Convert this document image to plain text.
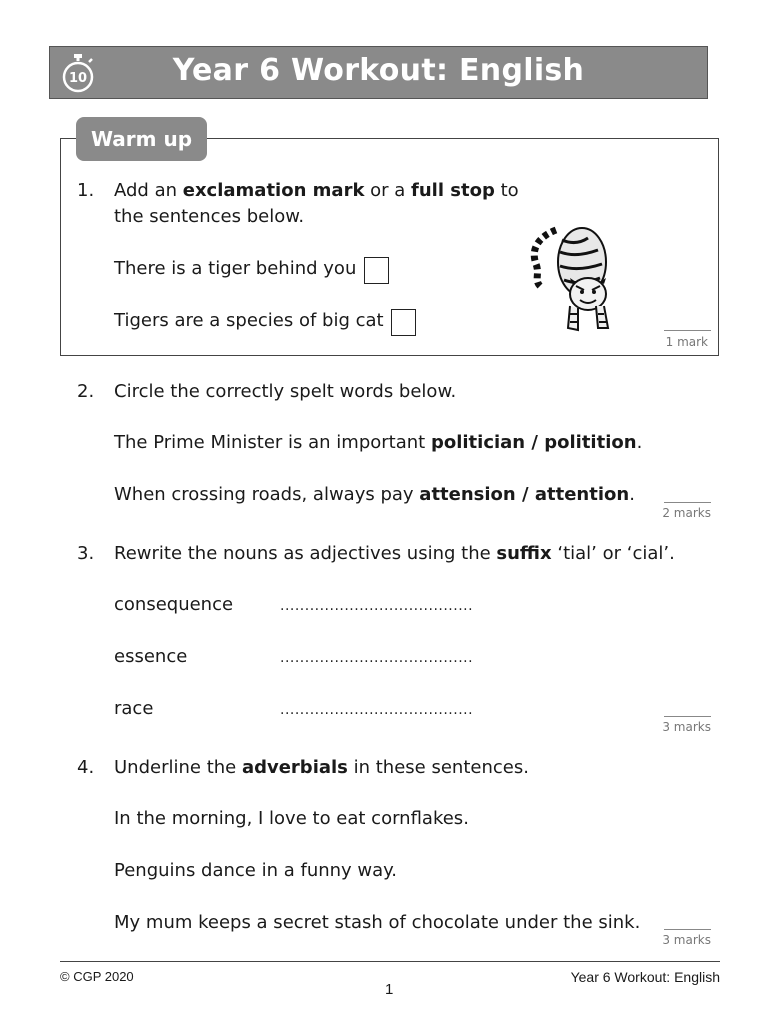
10	Year 6 Workout: English
Warm up
1. Add an exclamation mark or a full stop to
the sentences below.
There is a tiger behind you
Tigers are a species of big cat
1 mark
2. Circle the correctly spelt words below.
The Prime Minister is an important politician / politition.
When crossing roads, always pay attension / attention.
2 marks
3. Rewrite the nouns as adjectives using the suffix ‘tial’ or ‘cial’.
consequence	.......................................
essence	.......................................
race	.......................................
3 marks
4. Underline the adverbials in these sentences.
In the morning, I love to eat cornflakes.
Penguins dance in a funny way.
My mum keeps a secret stash of chocolate under the sink.
3 marks
© CGP 2020
1
Year 6 Workout: English
